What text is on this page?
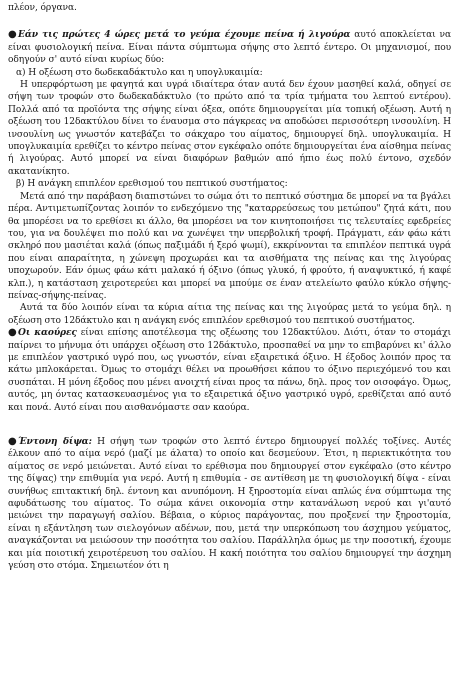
πλέον, όργανα.

●Εάν τις πρώτες 4 ώρες μετά το γεύμα έχουμε πείνα ή λιγούρα αυτό αποκλείεται να είναι φυσιολογική πείνα. Είναι πάντα σύμπτωμα σήψης στο λεπτό έντερο. Οι μηχανισμοί, που οδηγούν σ' αυτό είναι κυρίως δύο:

α) Η οξέωση στο δωδεκαδάκτυλο και η υπογλυκαιμία:

Η υπερφόρτωση με φαγητά και υγρά ιδιαίτερα όταν αυτά δεν έχουν μασηθεί καλά, οδηγεί σε σήψη των τροφών στο δωδεκαδάκτυλο (το πρώτο από τα τρία τμήματα του λεπτού εντέρου). Πολλά από τα προϊόντα της σήψης είναι όξεα, οπότε δημιουργείται μία τοπική οξέωση. Αυτή η οξέωση του 12δακτύλου δίνει το έναυσμα στο πάγκρεας να αποδώσει περισσότερη ινσουλίνη. Η ινσουλίνη ως γνωστόν κατεβάζει το σάκχαρο του αίματος, δημιουργεί δηλ. υπογλυκαιμία. Η υπογλυκαιμία ερεθίζει το κέντρο πείνας στον εγκέφαλο οπότε δημιουργείται ένα αίσθημα πείνας ή λιγούρας. Αυτό μπορεί να είναι διαφόρων βαθμών από ήπιο έως πολύ έντονο, σχεδόν ακατανίκητο.

β) Η ανάγκη επιπλέον ερεθισμού του πεπτικού συστήματος:

Μετά από την παράβαση διαπιστώνει το σώμα ότι το πεπτικό σύστημα δε μπορεί να τα βγάλει πέρα. Αντιμετωπίζοντας λοιπόν το ενδεχόμενο της "καταρρεύσεως του μετώπου" ζητά κάτι, που θα μπορέσει να το ερεθίσει κι άλλο, θα μπορέσει να τον κινητοποιήσει τις τελευταίες εφεδρείες του, για να δουλέψει πιο πολύ και να χωνέψει την υπερβολική τροφή. Πράγματι, εάν φάω κάτι σκληρό που μασιέται καλά (όπως παξιμάδι ή ξερό ψωμί), εκκρίνονται τα επιπλέον πεπτικά υγρά που είναι απαραίτητα, η χώνεψη προχωράει και τα αισθήματα της πείνας και της λιγούρας υποχωρούν. Εάν όμως φάω κάτι μαλακό ή όξινο (όπως γλυκό, ή φρούτο, ή αναψυκτικό, ή καφέ κλπ.), η κατάσταση χειροτερεύει και μπορεί να μπούμε σε έναν ατελείωτο φαύλο κύκλο σήψης-πείνας-σήψης-πείνας.

Αυτά τα δύο λοιπόν είναι τα κύρια αίτια της πείνας και της λιγούρας μετά το γεύμα δηλ. η οξέωση στο 12δάκτυλο και η ανάγκη ενός επιπλέον ερεθισμού του πεπτικού συστήματος.

●Οι καούρες είναι επίσης αποτέλεσμα της οξέωσης του 12δακτύλου. Διότι, όταν το στομάχι παίρνει το μήνυμα ότι υπάρχει οξέωση στο 12δάκτυλο, προσπαθεί να μην το επιβαρύνει κι' άλλο με επιπλέον γαστρικό υγρό που, ως γνωστόν, είναι εξαιρετικά όξινο. Η έξοδος λοιπόν προς τα κάτω μπλοκάρεται. Όμως το στομάχι θέλει να προωθήσει κάπου το όξινο περιεχόμενό του και συσπάται. Η μόνη έξοδος που μένει ανοιχτή είναι προς τα πάνω, δηλ. προς τον οισοφάγο. Όμως, αυτός, μη όντας κατασκευασμένος για το εξαιρετικά όξινο γαστρικό υγρό, ερεθίζεται από αυτό και πονά. Αυτό είναι που αισθανόμαστε σαν καούρα.

●Έντονη δίψα: Η σήψη των τροφών στο λεπτό έντερο δημιουργεί πολλές τοξίνες. Αυτές έλκουν από το αίμα νερό (μαζί με άλατα) το οποίο και δεσμεύουν. Έτσι, η περιεκτικότητα του αίματος σε νερό μειώνεται. Αυτό είναι το ερέθισμα που δημιουργεί στον εγκέφαλο (στο κέντρο της δίψας) την επιθυμία για νερό. Αυτή η επιθυμία - σε αντίθεση με τη φυσιολογική δίψα - είναι συνήθως επιτακτική δηλ. έντονη και ανυπόμονη. Η ξηροστομία είναι απλώς ένα σύμπτωμα της αφυδάτωσης του αίματος. Το σώμα κάνει οικονομία στην κατανάλωση νερού και γι'αυτό μειώνει την παραγωγή σαλίου. Βέβαια, ο κύριος παράγοντας, που προξενεί την ξηροστομία, είναι η εξάντληση των σιελογόνων αδένων, που, μετά την υπερκόπωση του άσχημου γεύματος, αναγκάζονται να μειώσουν την ποσότητα του σαλίου. Παράλληλα όμως με την ποσοτική, έχουμε και μία ποιοτική χειροτέρευση του σαλίου. Η κακή ποιότητα του σαλίου δημιουργεί την άσχημη γεύση στο στόμα. Σημειωτέον ότι η
